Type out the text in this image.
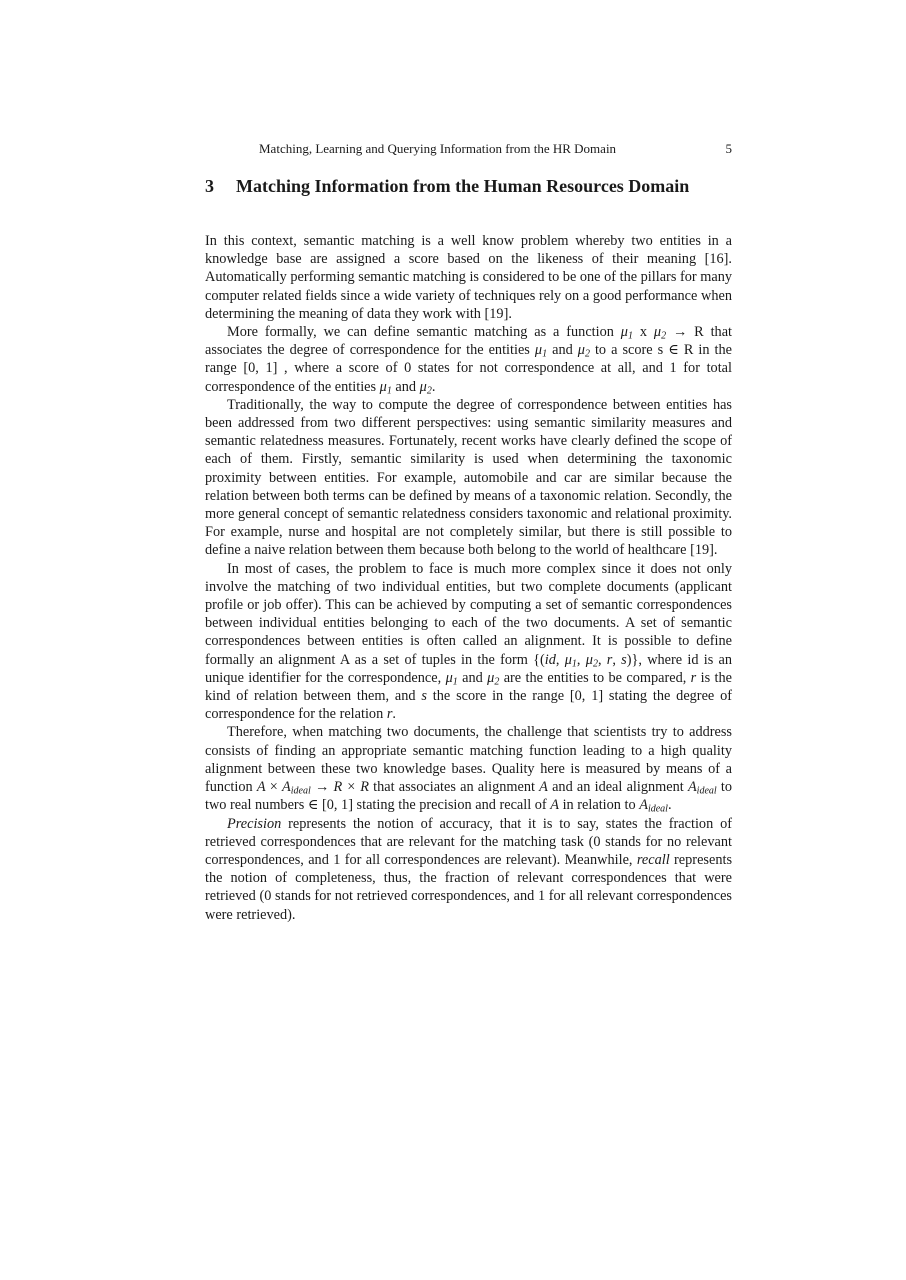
Matching, Learning and Querying Information from the HR Domain	5
3 Matching Information from the Human Resources Domain

In this context, semantic matching is a well know problem whereby two entities in a knowledge base are assigned a score based on the likeness of their meaning [16]. Automatically performing semantic matching is considered to be one of the pillars for many computer related fields since a wide variety of techniques rely on a good performance when determining the meaning of data they work with [19].

More formally, we can define semantic matching as a function $\mu_1$ x $\mu_2 \to R$ that associates the degree of correspondence for the entities $\mu_1$ and $\mu_2$ to a score s ∈ R in the range [0, 1] , where a score of 0 states for not correspondence at all, and 1 for total correspondence of the entities $\mu_1$ and $\mu_2$.

Traditionally, the way to compute the degree of correspondence between entities has been addressed from two different perspectives: using semantic similarity measures and semantic relatedness measures. Fortunately, recent works have clearly defined the scope of each of them. Firstly, semantic similarity is used when determining the taxonomic proximity between entities. For example, automobile and car are similar because the relation between both terms can be defined by means of a taxonomic relation. Secondly, the more general concept of semantic relatedness considers taxonomic and relational proximity. For example, nurse and hospital are not completely similar, but there is still possible to define a naive relation between them because both belong to the world of healthcare [19].

In most of cases, the problem to face is much more complex since it does not only involve the matching of two individual entities, but two complete documents (applicant profile or job offer). This can be achieved by computing a set of semantic correspondences between individual entities belonging to each of the two documents. A set of semantic correspondences between entities is often called an alignment. It is possible to define formally an alignment A as a set of tuples in the form {(id, $\mu_1$, $\mu_2$, r, s)}, where id is an unique identifier for the correspondence, $\mu_1$ and $\mu_2$ are the entities to be compared, r is the kind of relation between them, and s the score in the range [0, 1] stating the degree of correspondence for the relation r.

Therefore, when matching two documents, the challenge that scientists try to address consists of finding an appropriate semantic matching function leading to a high quality alignment between these two knowledge bases. Quality here is measured by means of a function $A \times A_{ideal} \to R \times R$ that associates an alignment A and an ideal alignment $A_{ideal}$ to two real numbers ∈ [0, 1] stating the precision and recall of A in relation to $A_{ideal}$.

Precision represents the notion of accuracy, that it is to say, states the fraction of retrieved correspondences that are relevant for the matching task (0 stands for no relevant correspondences, and 1 for all correspondences are relevant). Meanwhile, recall represents the notion of completeness, thus, the fraction of relevant correspondences that were retrieved (0 stands for not retrieved correspondences, and 1 for all relevant correspondences were retrieved).
